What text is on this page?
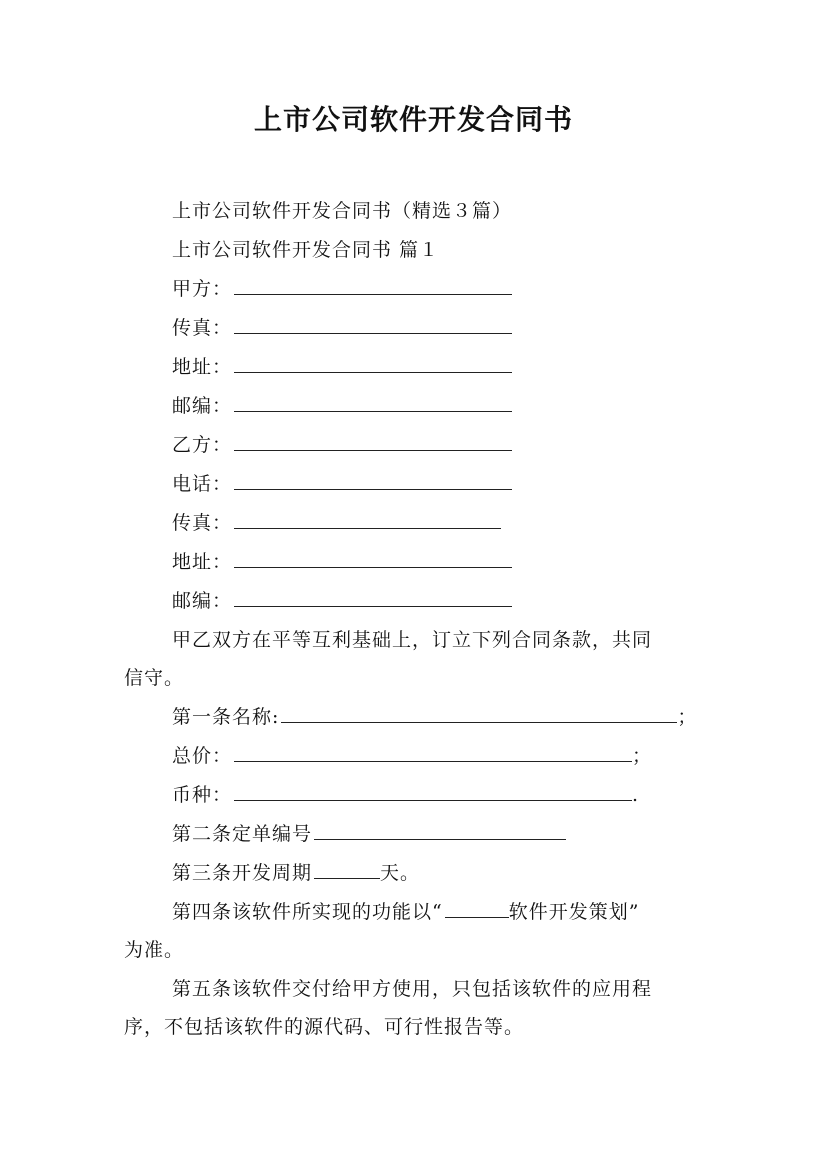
上市公司软件开发合同书
上市公司软件开发合同书（精选３篇）
上市公司软件开发合同书 篇１
甲方：
传真：
地址：
邮编：
乙方：
电话：
传真：
地址：
邮编：
甲乙双方在平等互利基础上，订立下列合同条款，共同
信守。
第一条名称:	；
总价：	；
币种：	.
第二条定单编号
第三条开发周期	天。
第四条该软件所实现的功能以“	软件开发策划”
为准。
第五条该软件交付给甲方使用，只包括该软件的应用程
序，不包括该软件的源代码、可行性报告等。
